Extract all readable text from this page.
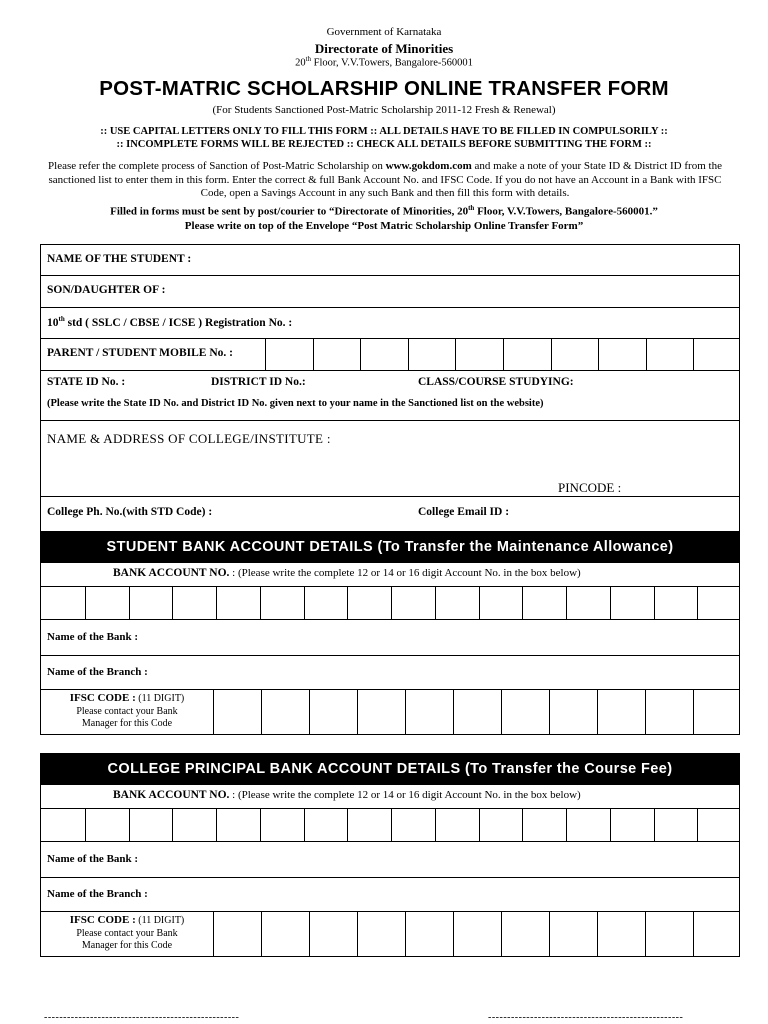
Government of Karnataka
Directorate of Minorities
20th Floor, V.V.Towers, Bangalore-560001
POST-MATRIC SCHOLARSHIP ONLINE TRANSFER FORM
(For Students Sanctioned Post-Matric Scholarship 2011-12 Fresh & Renewal)
:: USE CAPITAL LETTERS ONLY TO FILL THIS FORM :: ALL DETAILS HAVE TO BE FILLED IN COMPULSORILY ::
:: INCOMPLETE FORMS WILL BE REJECTED :: CHECK ALL DETAILS BEFORE SUBMITTING THE FORM ::
Please refer the complete process of Sanction of Post-Matric Scholarship on www.gokdom.com and make a note of your State ID & District ID from the sanctioned list to enter them in this form. Enter the correct & full Bank Account No. and IFSC Code. If you do not have an Account in a Bank with IFSC Code, open a Savings Account in any such Bank and then fill this form with details.
Filled in forms must be sent by post/courier to “Directorate of Minorities, 20th Floor, V.V.Towers, Bangalore-560001.”
Please write on top of the Envelope “Post Matric Scholarship Online Transfer Form”
NAME OF THE STUDENT :
SON/DAUGHTER OF :
10th std ( SSLC / CBSE / ICSE ) Registration No. :
PARENT / STUDENT MOBILE No. :
STATE ID No. :	DISTRICT ID No.:	CLASS/COURSE STUDYING:
(Please write the State ID No. and District ID No. given next to your name in the Sanctioned list on the website)
NAME & ADDRESS OF COLLEGE/INSTITUTE :
PINCODE :
College Ph. No.(with STD Code) :	College Email ID :
STUDENT BANK ACCOUNT DETAILS (To Transfer the Maintenance Allowance)
BANK ACCOUNT NO. : (Please write the complete 12 or 14 or 16 digit Account No. in the box below)
Name of the Bank :
Name of the Branch :
IFSC CODE : (11 DIGIT)
Please contact your Bank
Manager for this Code
COLLEGE PRINCIPAL BANK ACCOUNT DETAILS (To Transfer the Course Fee)
BANK ACCOUNT NO. : (Please write the complete 12 or 14 or 16 digit Account No. in the box below)
Name of the Bank :
Name of the Branch :
IFSC CODE : (11 DIGIT)
Please contact your Bank
Manager for this Code
---------------------------------------------------	---------------------------------------------------
